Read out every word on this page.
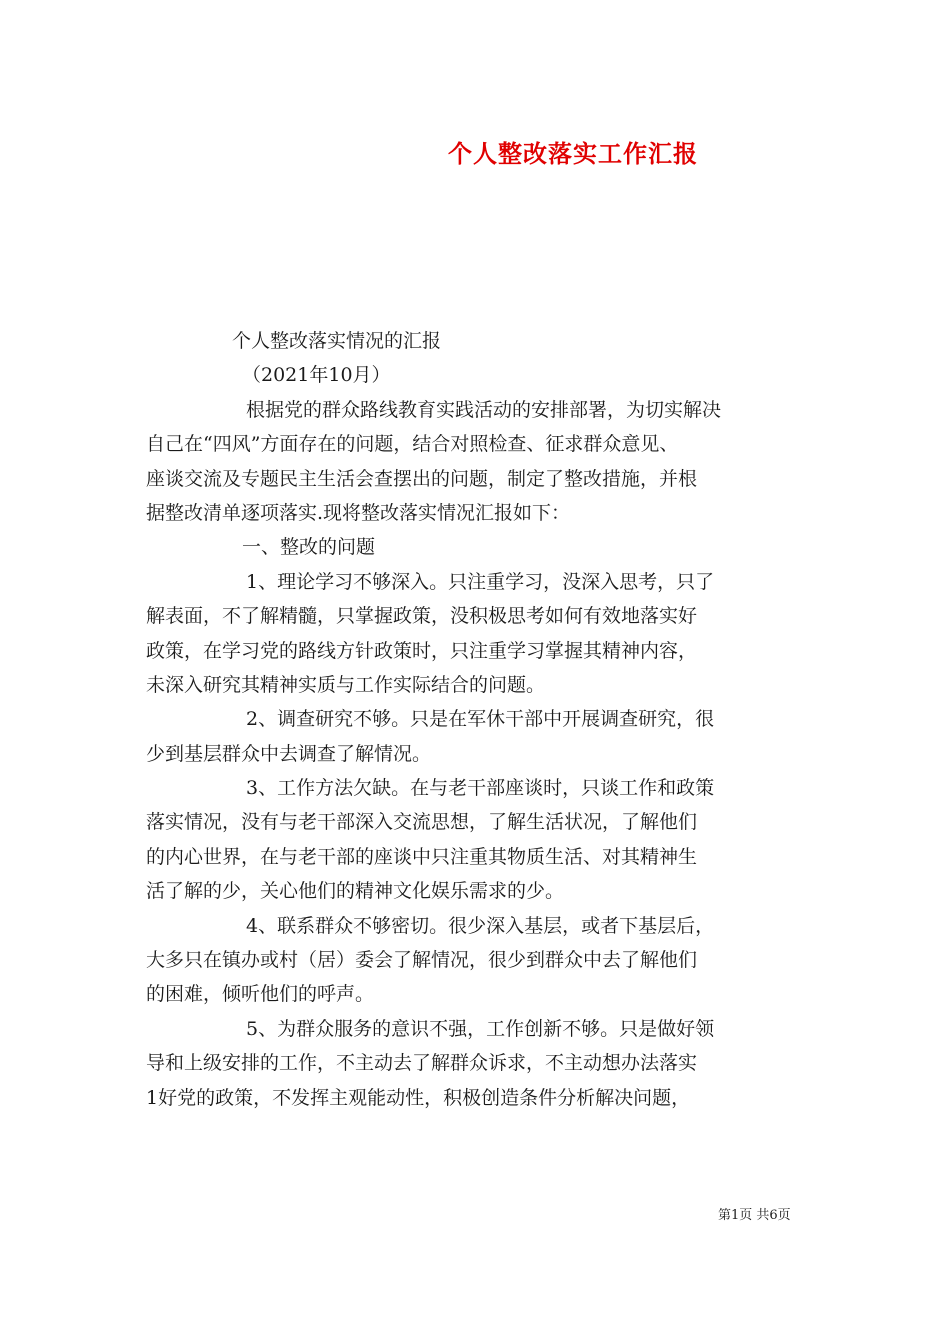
个人整改落实工作汇报
个人整改落实情况的汇报
（2021年10月）
根据党的群众路线教育实践活动的安排部署，为切实解决
自己在“四风”方面存在的问题，结合对照检查、征求群众意见、
座谈交流及专题民主生活会查摆出的问题，制定了整改措施，并根
据整改清单逐项落实.现将整改落实情况汇报如下：
一、整改的问题
1、理论学习不够深入。只注重学习，没深入思考，只了
解表面，不了解精髓，只掌握政策，没积极思考如何有效地落实好
政策，在学习党的路线方针政策时，只注重学习掌握其精神内容，
未深入研究其精神实质与工作实际结合的问题。
2、调查研究不够。只是在军休干部中开展调查研究，很
少到基层群众中去调查了解情况。
3、工作方法欠缺。在与老干部座谈时，只谈工作和政策
落实情况，没有与老干部深入交流思想，了解生活状况，了解他们
的内心世界，在与老干部的座谈中只注重其物质生活、对其精神生
活了解的少，关心他们的精神文化娱乐需求的少。
4、联系群众不够密切。很少深入基层，或者下基层后，
大多只在镇办或村（居）委会了解情况，很少到群众中去了解他们
的困难，倾听他们的呼声。
5、为群众服务的意识不强，工作创新不够。只是做好领
导和上级安排的工作，不主动去了解群众诉求，不主动想办法落实
1好党的政策，不发挥主观能动性，积极创造条件分析解决问题，
第1页 共6页
